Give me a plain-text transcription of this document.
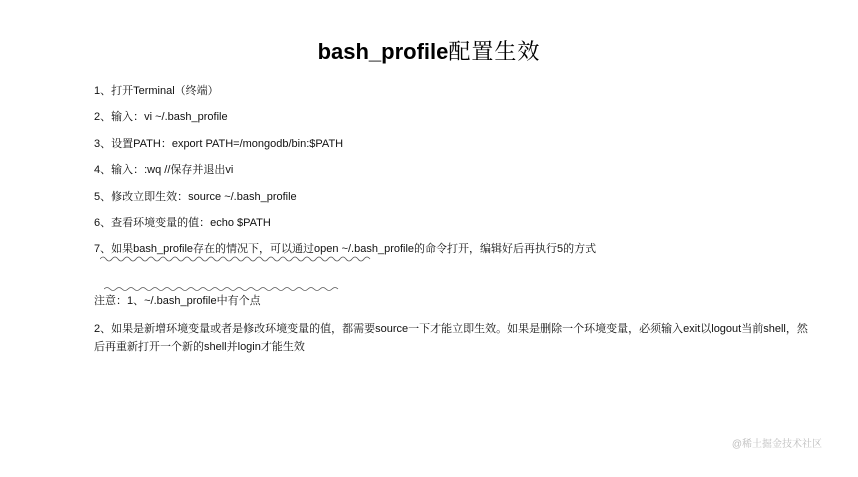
bash_profile配置生效
1、打开Terminal（终端）
2、输入：vi ~/.bash_profile
3、设置PATH：export PATH=/mongodb/bin:$PATH
4、输入：:wq //保存并退出vi
5、修改立即生效：source ~/.bash_profile
6、查看环境变量的值：echo $PATH
7、如果bash_profile存在的情况下，可以通过open ~/.bash_profile的命令打开，编辑好后再执行5的方式
注意：1、~/.bash_profile中有个点
2、如果是新增环境变量或者是修改环境变量的值，都需要source一下才能立即生效。如果是删除一个环境变量，必须输入exit以logout当前shell，然后再重新打开一个新的shell并login才能生效
@稀土掘金技术社区
